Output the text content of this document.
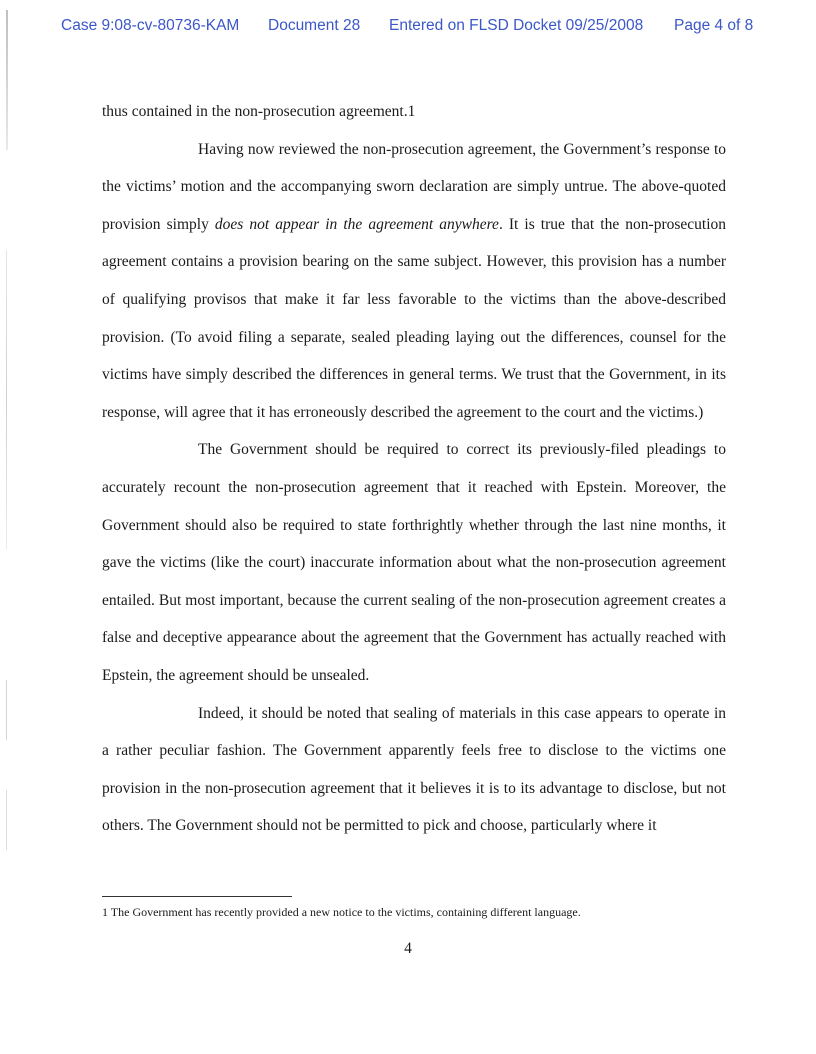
Case 9:08-cv-80736-KAM Document 28 Entered on FLSD Docket 09/25/2008 Page 4 of 8

thus contained in the non-prosecution agreement.1

Having now reviewed the non-prosecution agreement, the Government’s response to the victims’ motion and the accompanying sworn declaration are simply untrue. The above-quoted provision simply does not appear in the agreement anywhere. It is true that the non-prosecution agreement contains a provision bearing on the same subject. However, this provision has a number of qualifying provisos that make it far less favorable to the victims than the above-described provision. (To avoid filing a separate, sealed pleading laying out the differences, counsel for the victims have simply described the differences in general terms. We trust that the Government, in its response, will agree that it has erroneously described the agreement to the court and the victims.)

The Government should be required to correct its previously-filed pleadings to accurately recount the non-prosecution agreement that it reached with Epstein. Moreover, the Government should also be required to state forthrightly whether through the last nine months, it gave the victims (like the court) inaccurate information about what the non-prosecution agreement entailed. But most important, because the current sealing of the non-prosecution agreement creates a false and deceptive appearance about the agreement that the Government has actually reached with Epstein, the agreement should be unsealed.

Indeed, it should be noted that sealing of materials in this case appears to operate in a rather peculiar fashion. The Government apparently feels free to disclose to the victims one provision in the non-prosecution agreement that it believes it is to its advantage to disclose, but not others. The Government should not be permitted to pick and choose, particularly where it

1 The Government has recently provided a new notice to the victims, containing different language.
4
